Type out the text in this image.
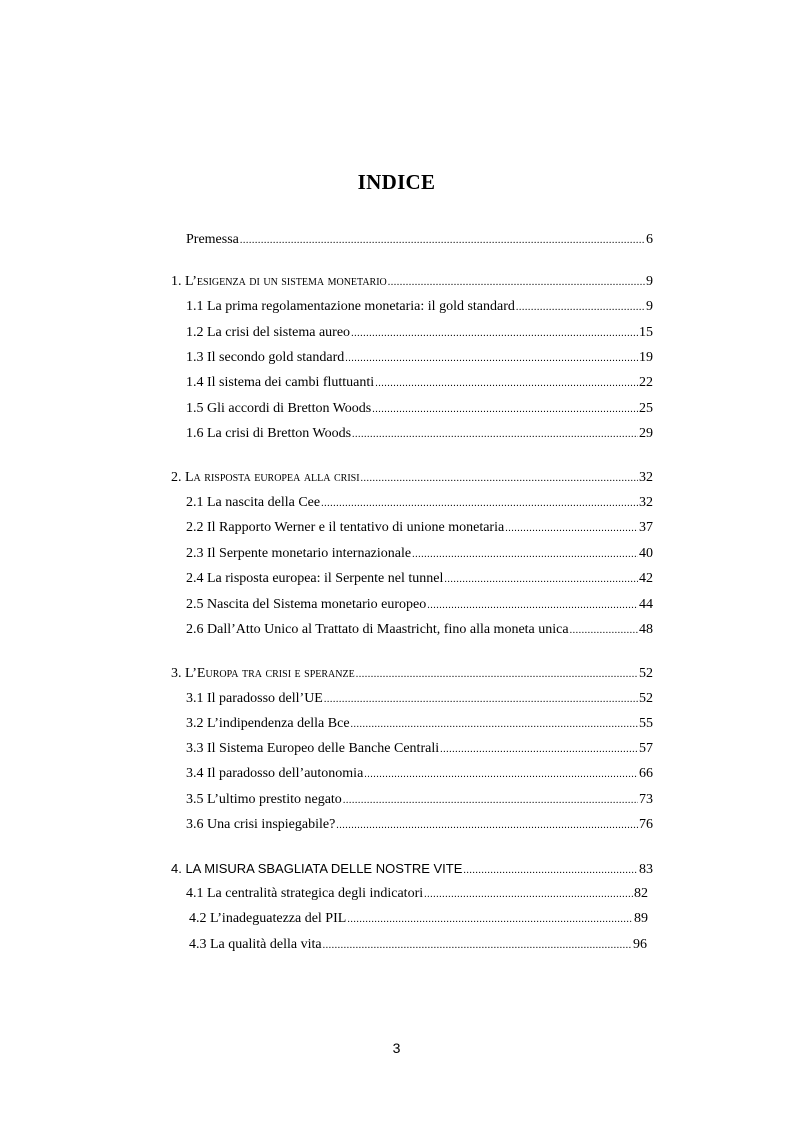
INDICE
Premessa .....	6
1. L’esigenza di un sistema monetario .....	9
1.1 La prima regolamentazione monetaria: il gold standard .....	9
1.2 La crisi del sistema aureo .....	15
1.3 Il secondo gold standard .....	19
1.4 Il sistema dei cambi fluttuanti .....	22
1.5 Gli accordi di Bretton Woods .....	25
1.6 La crisi di Bretton Woods .....	29
2. La risposta europea alla crisi .....	32
2.1 La nascita della Cee .....	32
2.2 Il Rapporto Werner e il tentativo di unione monetaria .....	37
2.3 Il Serpente monetario internazionale .....	40
2.4 La risposta europea: il Serpente nel tunnel .....	42
2.5 Nascita del Sistema monetario europeo .....	44
2.6 Dall’Atto Unico al Trattato di Maastricht, fino alla moneta unica .....	48
3. L’Europa tra crisi e speranze .....	52
3.1 Il paradosso dell’UE .....	52
3.2 L’indipendenza della Bce .....	55
3.3 Il Sistema Europeo delle Banche Centrali .....	57
3.4 Il paradosso dell’autonomia .....	66
3.5 L’ultimo prestito negato .....	73
3.6 Una crisi inspiegabile? .....	76
4. LA MISURA SBAGLIATA DELLE NOSTRE VITE .....	83
4.1 La centralità strategica degli indicatori .....	82
4.2 L’inadeguatezza del PIL .....	89
4.3 La qualità della vita .....	96
3
